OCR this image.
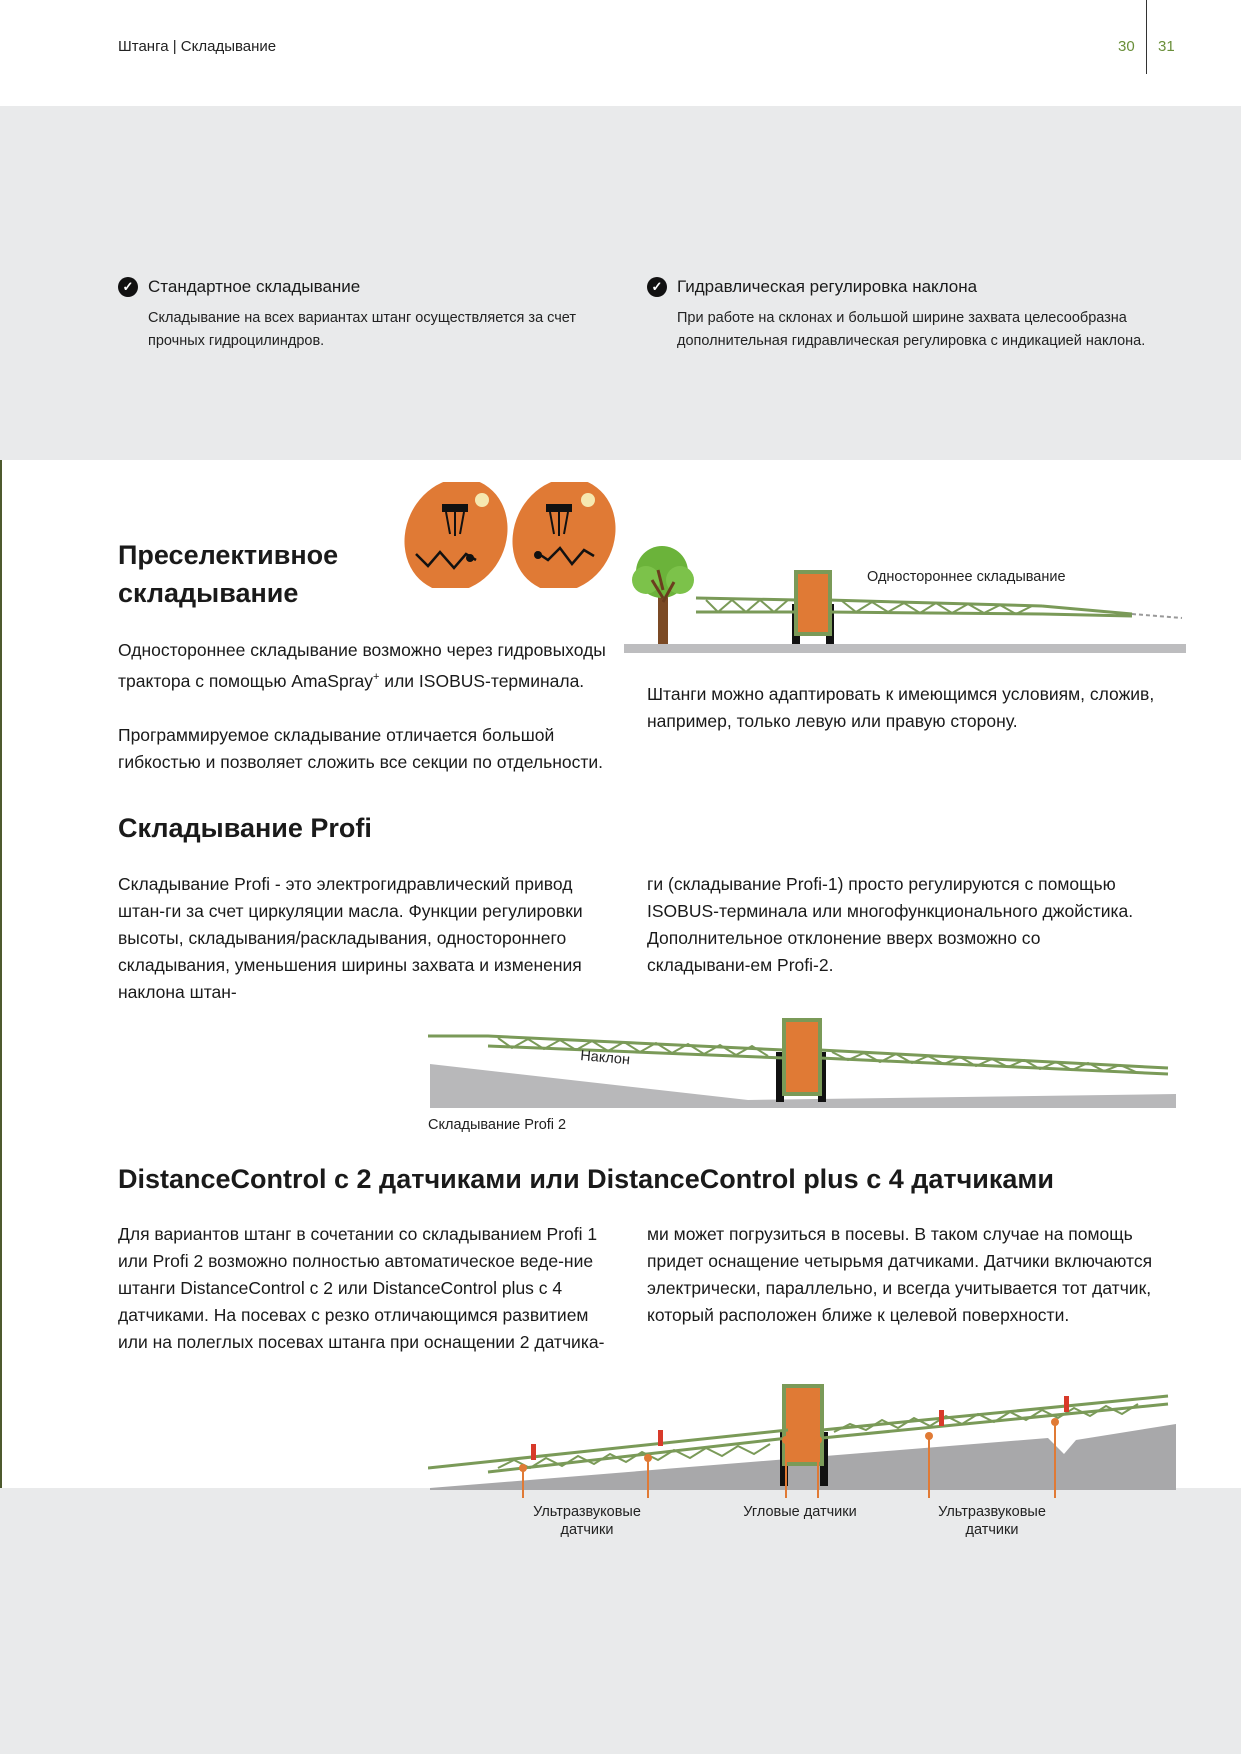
Штанга | Складывание	30 31
✓ Стандартное складывание
Складывание на всех вариантах штанг осуществляется за счет прочных гидроцилиндров.
✓ Гидравлическая регулировка наклона
При работе на склонах и большой ширине захвата целесообразна дополнительная гидравлическая регулировка с индикацией наклона.
Преселективное
складывание

Одностороннее складывание возможно через гидровыходы трактора с помощью AmaSpray+ или ISOBUS-терминала.

Программируемое складывание отличается большой гибкостью и позволяет сложить все секции по отдельности.

Одностороннее складывание
Штанги можно адаптировать к имеющимся условиям, сложив, например, только левую или правую сторону.
Складывание Profi
Складывание Profi - это электрогидравлический привод штан-ги за счет циркуляции масла. Функции регулировки высоты, складывания/раскладывания, одностороннего складывания, уменьшения ширины захвата и изменения наклона штан-
ги (складывание Profi-1) просто регулируются с помощью ISOBUS-терминала или многофункционального джойстика. Дополнительное отклонение вверх возможно со складывани-ем Profi-2.
Наклон
Складывание Profi 2
DistanceControl с 2 датчиками или DistanceControl plus с 4 датчиками
Для вариантов штанг в сочетании со складыванием Profi 1 или Profi 2 возможно полностью автоматическое веде-ние штанги DistanceControl с 2 или DistanceControl plus с 4 датчиками. На посевах с резко отличающимся развитием или на полеглых посевах штанга при оснащении 2 датчика-
ми может погрузиться в посевы. В таком случае на помощь придет оснащение четырьмя датчиками. Датчики включаются электрически, параллельно, и всегда учитывается тот датчик, который расположен ближе к целевой поверхности.
Ультразвуковые
датчики
Угловые датчики	Ультразвуковые
датчики
